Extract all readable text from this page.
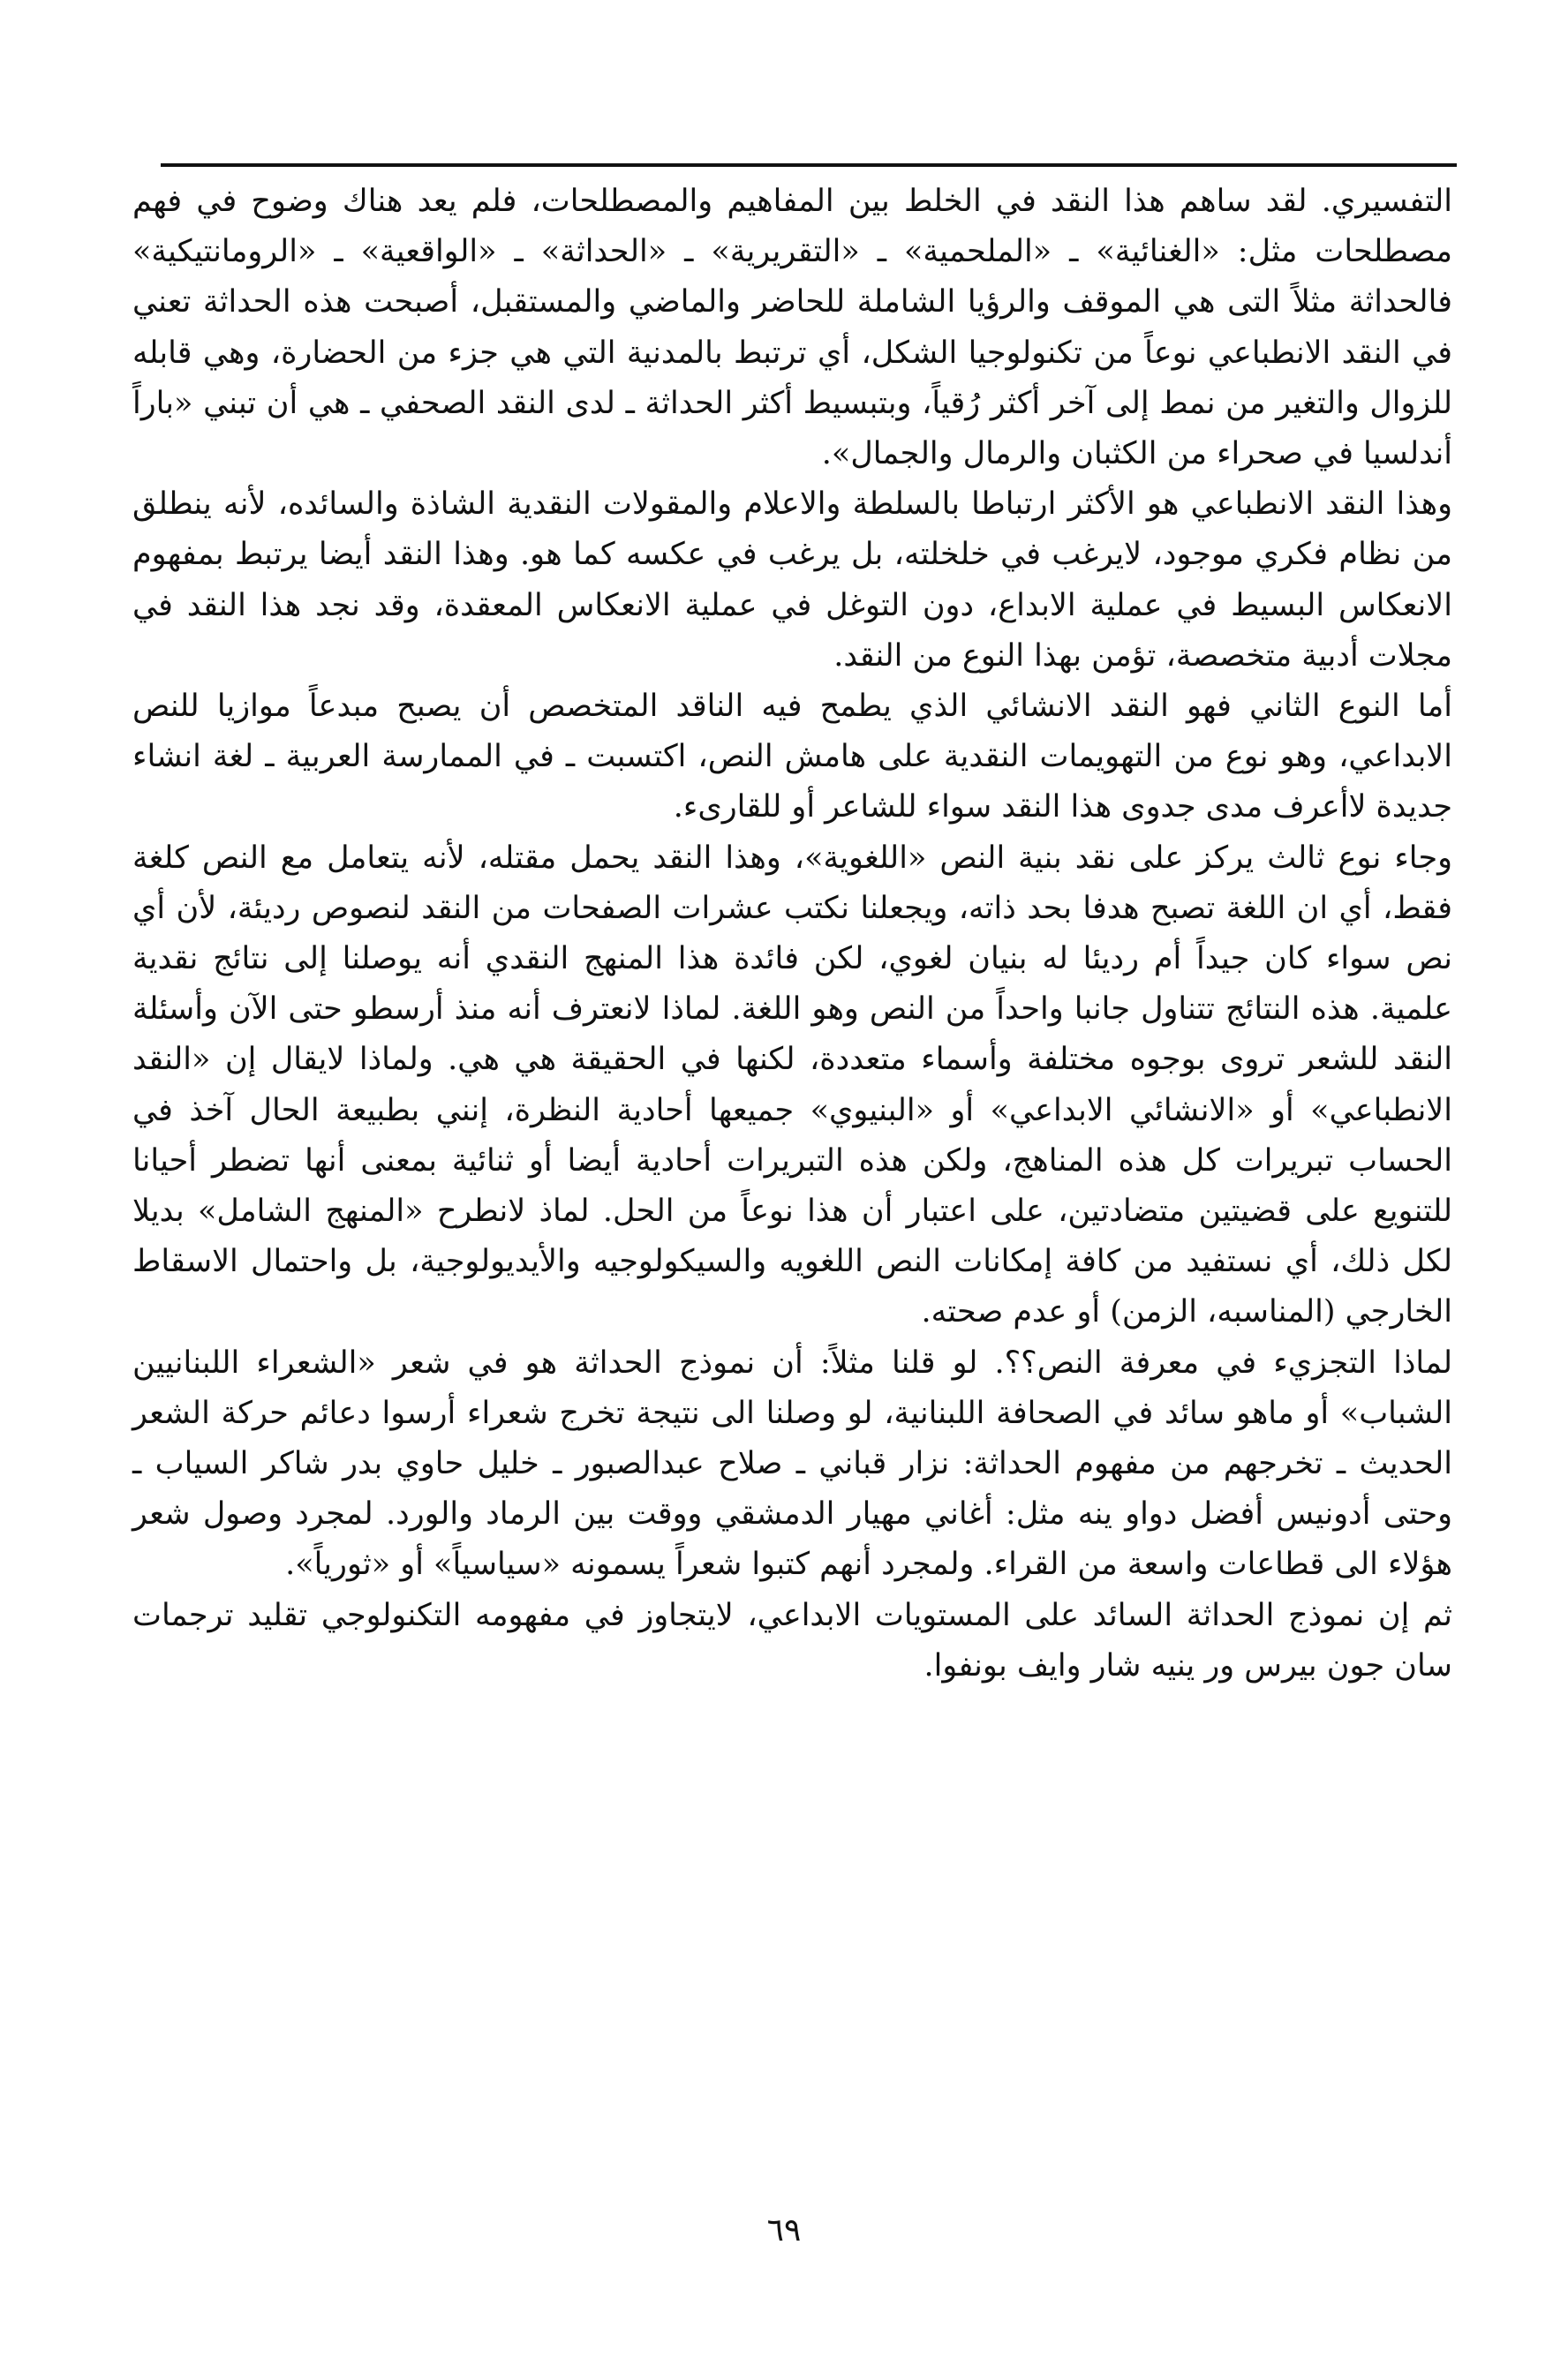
التفسيري. لقد ساهم هذا النقد في الخلط بين المفاهيم والمصطلحات، فلم يعد هناك وضوح في فهم مصطلحات مثل: «الغنائية» ـ «الملحمية» ـ «التقريرية» ـ «الحداثة» ـ «الواقعية» ـ «الرومانتيكية» فالحداثة مثلاً التى هي الموقف والرؤيا الشاملة للحاضر والماضي والمستقبل، أصبحت هذه الحداثة تعني في النقد الانطباعي نوعاً من تكنولوجيا الشكل، أي ترتبط بالمدنية التي هي جزء من الحضارة، وهي قابله للزوال والتغير من نمط إلى آخر أكثر رُقياً، وبتبسيط أكثر الحداثة ـ لدى النقد الصحفي ـ هي أن تبني «باراً أندلسيا في صحراء من الكثبان والرمال والجمال».

وهذا النقد الانطباعي هو الأكثر ارتباطا بالسلطة والاعلام والمقولات النقدية الشاذة والسائده، لأنه ينطلق من نظام فكري موجود، لايرغب في خلخلته، بل يرغب في عكسه كما هو. وهذا النقد أيضا يرتبط بمفهوم الانعكاس البسيط في عملية الابداع، دون التوغل في عملية الانعكاس المعقدة، وقد نجد هذا النقد في مجلات أدبية متخصصة، تؤمن بهذا النوع من النقد.

أما النوع الثاني فهو النقد الانشائي الذي يطمح فيه الناقد المتخصص أن يصبح مبدعاً موازيا للنص الابداعي، وهو نوع من التهويمات النقدية على هامش النص، اكتسبت ـ في الممارسة العربية ـ لغة انشاء جديدة لاأعرف مدى جدوى هذا النقد سواء للشاعر أو للقارىء.

وجاء نوع ثالث يركز على نقد بنية النص «اللغوية»، وهذا النقد يحمل مقتله، لأنه يتعامل مع النص كلغة فقط، أي ان اللغة تصبح هدفا بحد ذاته، ويجعلنا نكتب عشرات الصفحات من النقد لنصوص رديئة، لأن أي نص سواء كان جيداً أم رديئا له بنيان لغوي، لكن فائدة هذا المنهج النقدي أنه يوصلنا إلى نتائج نقدية علمية. هذه النتائج تتناول جانبا واحداً من النص وهو اللغة. لماذا لانعترف أنه منذ أرسطو حتى الآن وأسئلة النقد للشعر تروى بوجوه مختلفة وأسماء متعددة، لكنها في الحقيقة هي هي. ولماذا لايقال إن «النقد الانطباعي» أو «الانشائي الابداعي» أو «البنيوي» جميعها أحادية النظرة، إنني بطبيعة الحال آخذ في الحساب تبريرات كل هذه المناهج، ولكن هذه التبريرات أحادية أيضا أو ثنائية بمعنى أنها تضطر أحيانا للتنويع على قضيتين متضادتين، على اعتبار أن هذا نوعاً من الحل. لماذ لانطرح «المنهج الشامل» بديلا لكل ذلك، أي نستفيد من كافة إمكانات النص اللغويه والسيكولوجيه والأيديولوجية، بل واحتمال الاسقاط الخارجي (المناسبه، الزمن) أو عدم صحته.

لماذا التجزيء في معرفة النص؟؟. لو قلنا مثلاً: أن نموذج الحداثة هو في شعر «الشعراء اللبنانيين الشباب» أو ماهو سائد في الصحافة اللبنانية، لو وصلنا الى نتيجة تخرج شعراء أرسوا دعائم حركة الشعر الحديث ـ تخرجهم من مفهوم الحداثة: نزار قباني ـ صلاح عبدالصبور ـ خليل حاوي بدر شاكر السياب ـ وحتى أدونيس أفضل دواو ينه مثل: أغاني مهيار الدمشقي ووقت بين الرماد والورد. لمجرد وصول شعر هؤلاء الى قطاعات واسعة من القراء. ولمجرد أنهم كتبوا شعراً يسمونه «سياسياً» أو «ثورياً».

ثم إن نموذج الحداثة السائد على المستويات الابداعي، لايتجاوز في مفهومه التكنولوجي تقليد ترجمات سان جون بيرس ور ينيه شار وايف بونفوا.

٦٩
